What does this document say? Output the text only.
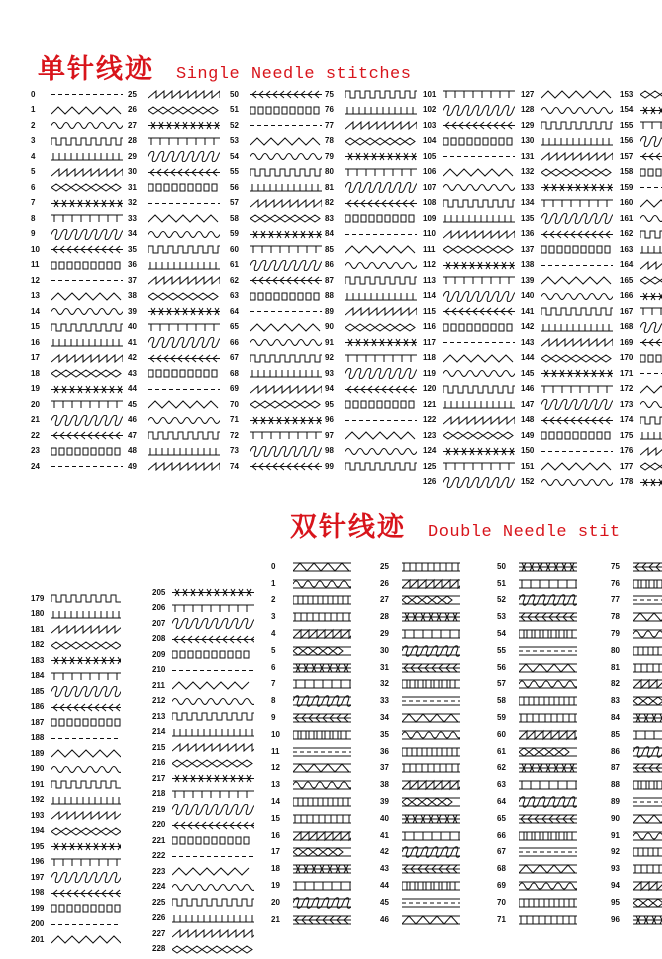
单针线迹 Single Needle stitches
0
1
2
3
4
5
6
7
8
9
10
11
12
13
14
15
16
17
18
19
20
21
22
23
24
25
26
27
28
29
30
31
32
33
34
35
36
37
38
39
40
41
42
43
44
45
46
47
48
49
50
51
52
53
54
55
56
57
58
59
60
61
62
63
64
65
66
67
68
69
70
71
72
73
74
75
76
77
78
79
80
81
82
83
84
85
86
87
88
89
90
91
92
93
94
95
96
97
98
99
101
102
103
104
105
106
107
108
109
110
111
112
113
114
115
116
117
118
119
120
121
122
123
124
125
126
127
128
129
130
131
132
133
134
135
136
137
138
139
140
141
142
143
144
145
146
147
148
149
150
151
152
153
154
155
156
157
158
159
160
161
162
163
164
165
166
167
168
169
170
171
172
173
174
175
176
177
178
179
180
181
182
183
184
185
186
187
188
189
190
191
192
193
194
195
196
197
198
199
200
201
205
206
207
208
209
210
211
212
213
214
215
216
217
218
219
220
221
222
223
224
225
226
227
228
双针线迹 Double Needle stit
0
1
2
3
4
5
6
7
8
9
10
11
12
13
14
15
16
17
18
19
20
21
25
26
27
28
29
30
31
32
33
34
35
36
37
38
39
40
41
42
43
44
45
46
50
51
52
53
54
55
56
57
58
59
60
61
62
63
64
65
66
67
68
69
70
71
75
76
77
78
79
80
81
82
83
84
85
86
87
88
89
90
91
92
93
94
95
96
